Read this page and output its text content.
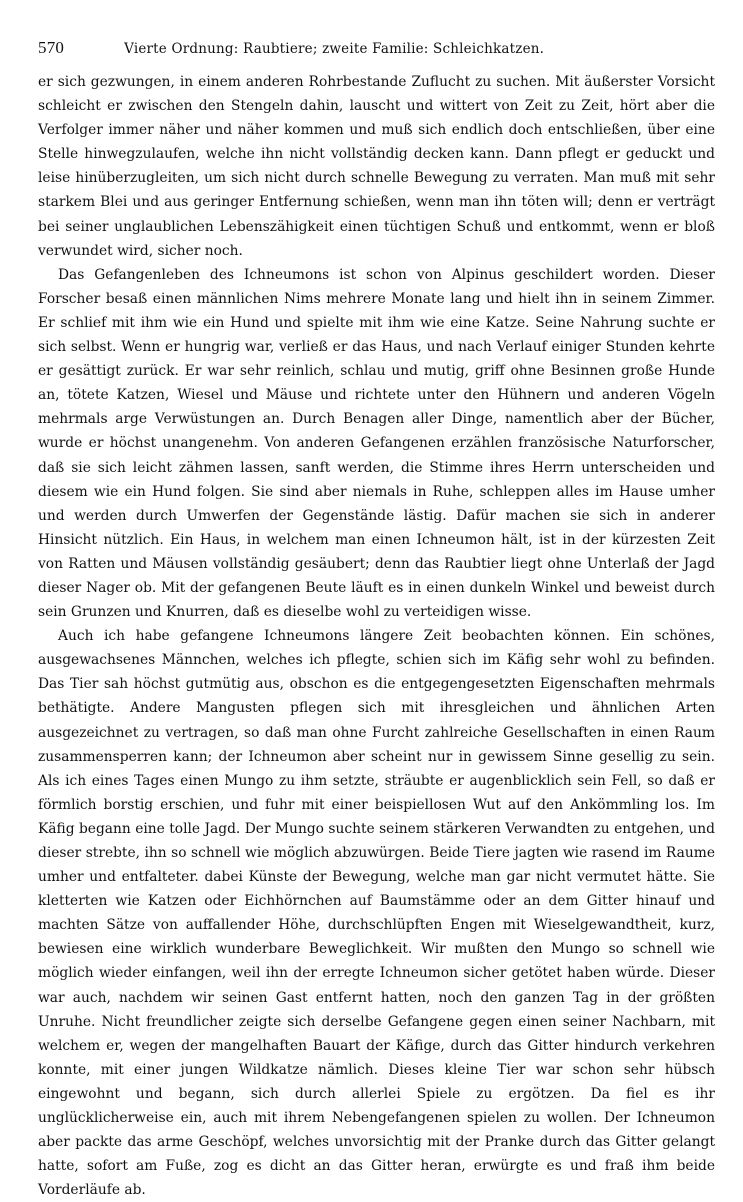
570	Vierte Ordnung: Raubtiere; zweite Familie: Schleichkatzen.

er sich gezwungen, in einem anderen Rohrbestande Zuflucht zu suchen. Mit äußerster Vorsicht schleicht er zwischen den Stengeln dahin, lauscht und wittert von Zeit zu Zeit, hört aber die Verfolger immer näher und näher kommen und muß sich endlich doch entschließen, über eine Stelle hinwegzulaufen, welche ihn nicht vollständig decken kann. Dann pflegt er geduckt und leise hinüberzugleiten, um sich nicht durch schnelle Bewegung zu verraten. Man muß mit sehr starkem Blei und aus geringer Entfernung schießen, wenn man ihn töten will; denn er verträgt bei seiner unglaublichen Lebenszähigkeit einen tüchtigen Schuß und entkommt, wenn er bloß verwundet wird, sicher noch.

Das Gefangenleben des Ichneumons ist schon von Alpinus geschildert worden. Dieser Forscher besaß einen männlichen Nims mehrere Monate lang und hielt ihn in seinem Zimmer. Er schlief mit ihm wie ein Hund und spielte mit ihm wie eine Katze. Seine Nahrung suchte er sich selbst. Wenn er hungrig war, verließ er das Haus, und nach Verlauf einiger Stunden kehrte er gesättigt zurück. Er war sehr reinlich, schlau und mutig, griff ohne Besinnen große Hunde an, tötete Katzen, Wiesel und Mäuse und richtete unter den Hühnern und anderen Vögeln mehrmals arge Verwüstungen an. Durch Benagen aller Dinge, namentlich aber der Bücher, wurde er höchst unangenehm. Von anderen Gefangenen erzählen französische Naturforscher, daß sie sich leicht zähmen lassen, sanft werden, die Stimme ihres Herrn unterscheiden und diesem wie ein Hund folgen. Sie sind aber niemals in Ruhe, schleppen alles im Hause umher und werden durch Umwerfen der Gegenstände lästig. Dafür machen sie sich in anderer Hinsicht nützlich. Ein Haus, in welchem man einen Ichneumon hält, ist in der kürzesten Zeit von Ratten und Mäusen vollständig gesäubert; denn das Raubtier liegt ohne Unterlaß der Jagd dieser Nager ob. Mit der gefangenen Beute läuft es in einen dunkeln Winkel und beweist durch sein Grunzen und Knurren, daß es dieselbe wohl zu verteidigen wisse.

Auch ich habe gefangene Ichneumons längere Zeit beobachten können. Ein schönes, ausgewachsenes Männchen, welches ich pflegte, schien sich im Käfig sehr wohl zu befinden. Das Tier sah höchst gutmütig aus, obschon es die entgegengesetzten Eigenschaften mehrmals bethätigte. Andere Mangusten pflegen sich mit ihresgleichen und ähnlichen Arten ausgezeichnet zu vertragen, so daß man ohne Furcht zahlreiche Gesellschaften in einen Raum zusammensperren kann; der Ichneumon aber scheint nur in gewissem Sinne gesellig zu sein. Als ich eines Tages einen Mungo zu ihm setzte, sträubte er augenblicklich sein Fell, so daß er förmlich borstig erschien, und fuhr mit einer beispiellosen Wut auf den Ankömmling los. Im Käfig begann eine tolle Jagd. Der Mungo suchte seinem stärkeren Verwandten zu entgehen, und dieser strebte, ihn so schnell wie möglich abzuwürgen. Beide Tiere jagten wie rasend im Raume umher und entfalteter. dabei Künste der Bewegung, welche man gar nicht vermutet hätte. Sie kletterten wie Katzen oder Eichhörnchen auf Baumstämme oder an dem Gitter hinauf und machten Sätze von auffallender Höhe, durchschlüpften Engen mit Wieselgewandtheit, kurz, bewiesen eine wirklich wunderbare Beweglichkeit. Wir mußten den Mungo so schnell wie möglich wieder einfangen, weil ihn der erregte Ichneumon sicher getötet haben würde. Dieser war auch, nachdem wir seinen Gast entfernt hatten, noch den ganzen Tag in der größten Unruhe. Nicht freundlicher zeigte sich derselbe Gefangene gegen einen seiner Nachbarn, mit welchem er, wegen der mangelhaften Bauart der Käfige, durch das Gitter hindurch verkehren konnte, mit einer jungen Wildkatze nämlich. Dieses kleine Tier war schon sehr hübsch eingewohnt und begann, sich durch allerlei Spiele zu ergötzen. Da fiel es ihr unglücklicherweise ein, auch mit ihrem Nebengefangenen spielen zu wollen. Der Ichneumon aber packte das arme Geschöpf, welches unvorsichtig mit der Pranke durch das Gitter gelangt hatte, sofort am Fuße, zog es dicht an das Gitter heran, erwürgte es und fraß ihm beide Vorderläufe ab.
